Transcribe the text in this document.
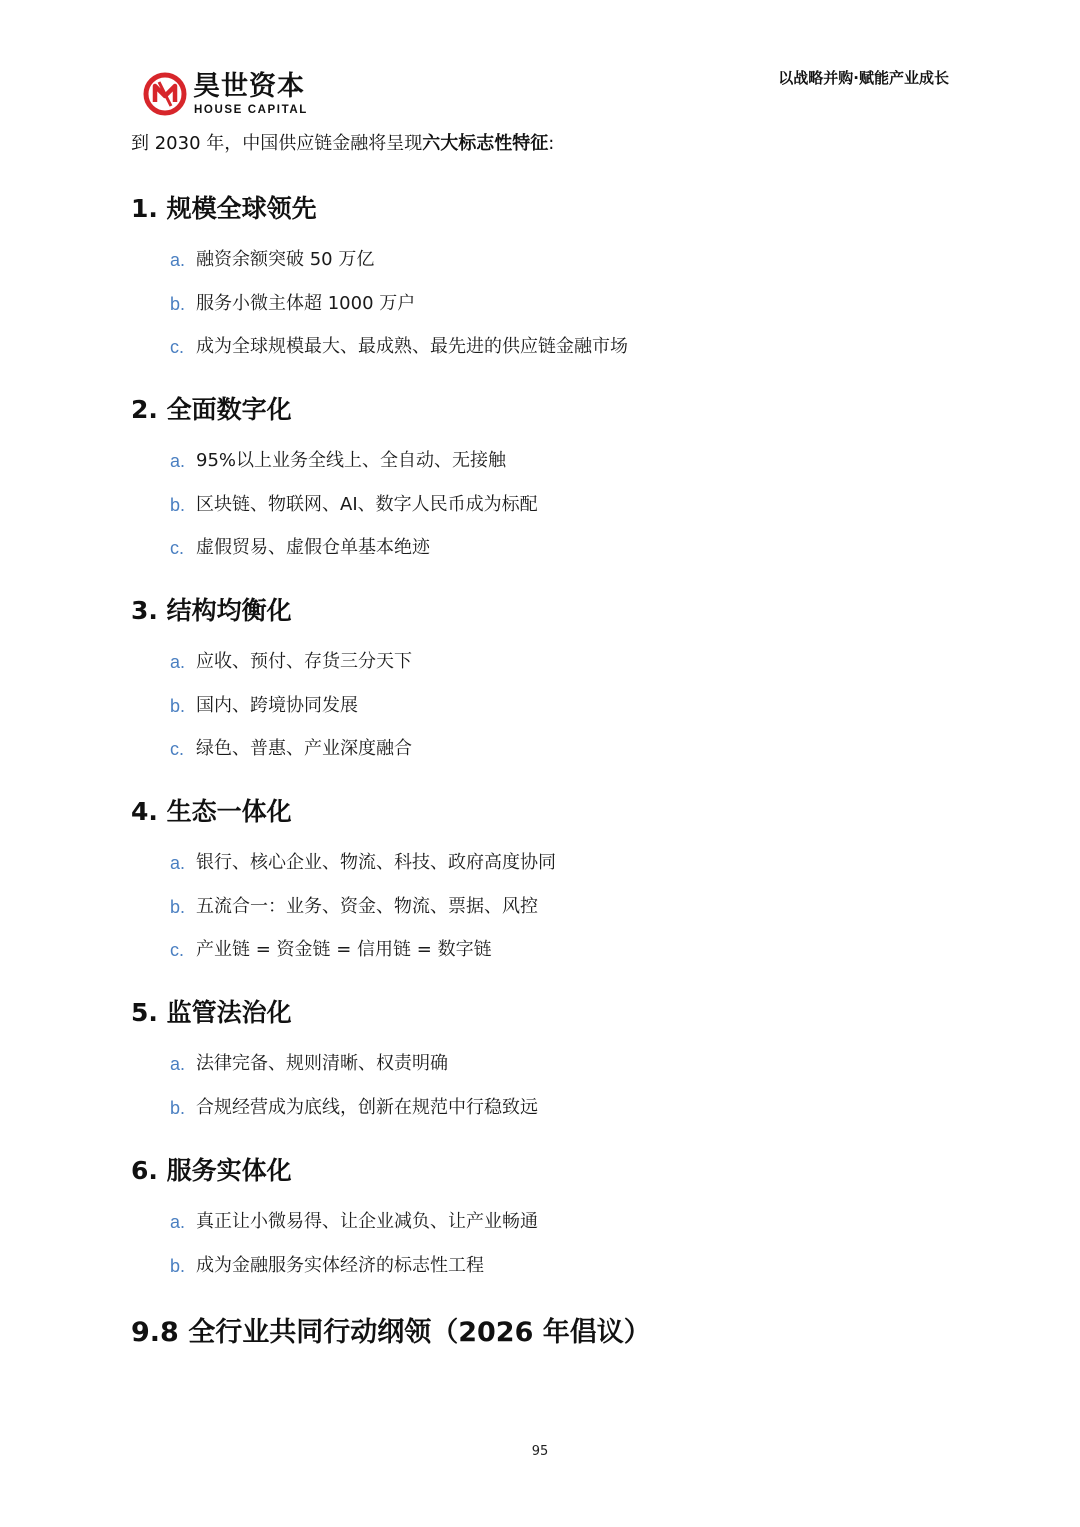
昊世资本
HOUSE CAPITAL
以战略并购·赋能产业成长
到 2030 年，中国供应链金融将呈现六大标志性特征:
1. 规模全球领先
a. 融资余额突破 50 万亿
b. 服务小微主体超 1000 万户
c. 成为全球规模最大、最成熟、最先进的供应链金融市场
2. 全面数字化
a. 95%以上业务全线上、全自动、无接触
b. 区块链、物联网、AI、数字人民币成为标配
c. 虚假贸易、虚假仓单基本绝迹
3. 结构均衡化
a. 应收、预付、存货三分天下
b. 国内、跨境协同发展
c. 绿色、普惠、产业深度融合
4. 生态一体化
a. 银行、核心企业、物流、科技、政府高度协同
b. 五流合一：业务、资金、物流、票据、风控
c. 产业链 = 资金链 = 信用链 = 数字链
5. 监管法治化
a. 法律完备、规则清晰、权责明确
b. 合规经营成为底线，创新在规范中行稳致远
6. 服务实体化
a. 真正让小微易得、让企业减负、让产业畅通
b. 成为金融服务实体经济的标志性工程
9.8 全行业共同行动纲领（2026 年倡议）
95
